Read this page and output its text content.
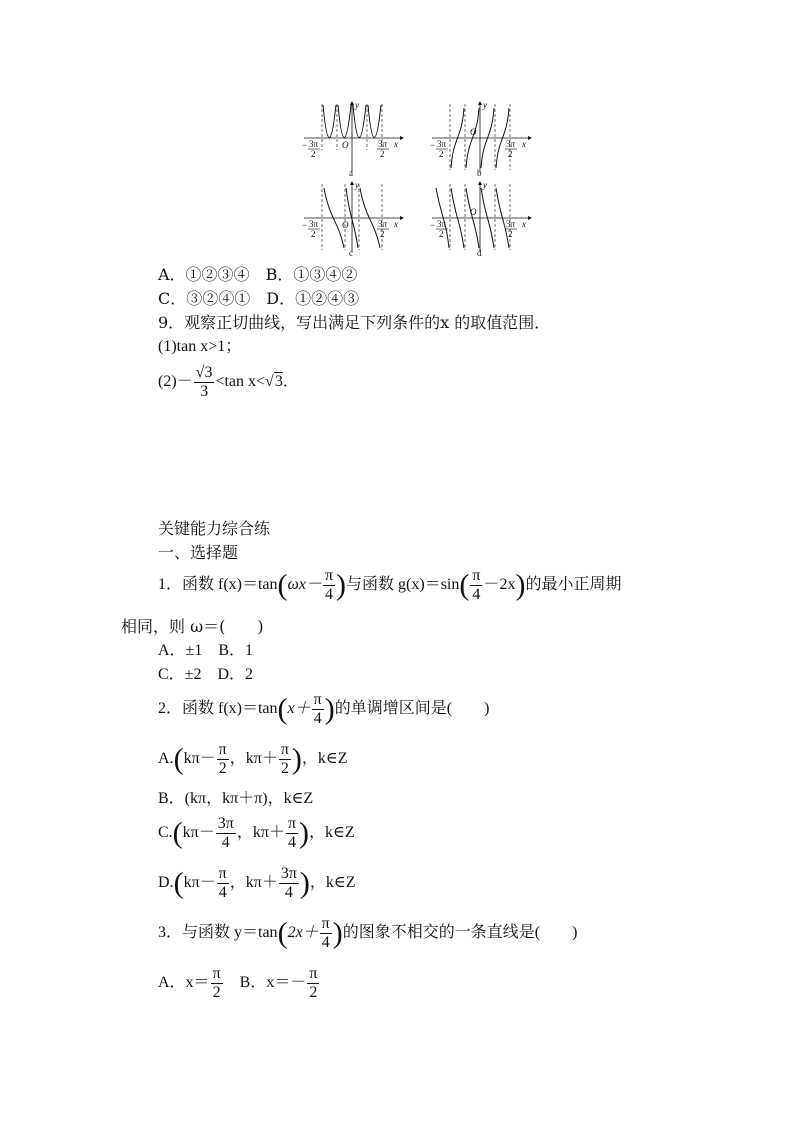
− 3π
2
O	3π
2
x
y
a
− 3π
2
O
3π
2
x
y
b
− 3π
2
O	3π
2
x
y
c
− 3π
2
O
3π
2
x
y
d
A．①②③④　 B．①③④②
C．③②④①　 D．①②④③
9．观察正切曲线，写出满足下列条件的x 的取值范围．
(1)tan x>1；
$(2)- \frac{√3}{3} <\tan$ x<√3．
关键能力综合练
一、选择题
1．函数 $f(x)=\tan(\omega x- \frac{\pi}{4}$ )与函数 $g(x)=\sin( \frac{\pi}{4} -2x)$的最小正周期
相同，则 ω＝(　　)
A．±1　B．1
C．±2　D．2
2．函数 $f(x)=\tan(x+ \frac{\pi}{4}$ )的单调增区间是(　　)
$A.(k\pi- \frac{\pi}{2}$ ，$k\pi+ \frac{\pi}{2}$ )，k∈Z
B．(kπ，kπ＋π)，k∈Z
$C.(k\pi- \frac{3\pi}{4}$ ，$k\pi+ \frac{\pi}{4}$ )，k∈Z
$D.(k\pi- \frac{\pi}{4}$ ，$k\pi+ \frac{3\pi}{4}$ )，k∈Z
3．与函数 $y=\tan(2x+ \frac{\pi}{4}$ )的图象不相交的一条直线是(　　)
A．$x= \frac{\pi}{2}$ 　B．$x=- \frac{\pi}{2}$
